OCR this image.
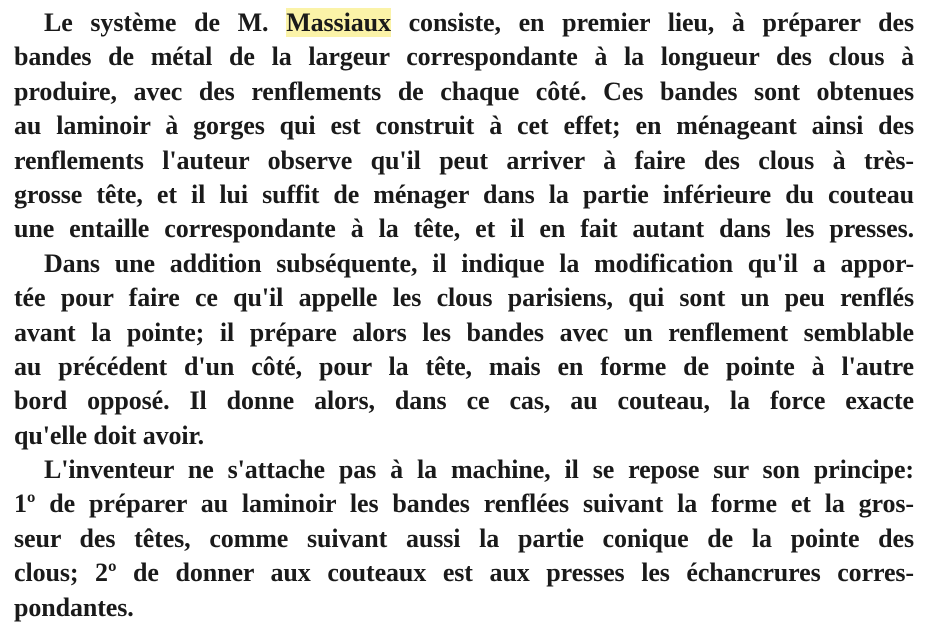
Le système de M. Massiaux consiste, en premier lieu, à préparer des
bandes de métal de la largeur correspondante à la longueur des clous à
produire, avec des renflements de chaque côté. Ces bandes sont obtenues
au laminoir à gorges qui est construit à cet effet; en ménageant ainsi des
renflements l'auteur observe qu'il peut arriver à faire des clous à très-
grosse tête, et il lui suffit de ménager dans la partie inférieure du couteau
une entaille correspondante à la tête, et il en fait autant dans les presses.
Dans une addition subséquente, il indique la modification qu'il a appor-
tée pour faire ce qu'il appelle les clous parisiens, qui sont un peu renflés
avant la pointe; il prépare alors les bandes avec un renflement semblable
au précédent d'un côté, pour la tête, mais en forme de pointe à l'autre
bord opposé. Il donne alors, dans ce cas, au couteau, la force exacte
qu'elle doit avoir.
L'inventeur ne s'attache pas à la machine, il se repose sur son principe:
1º de préparer au laminoir les bandes renflées suivant la forme et la gros-
seur des têtes, comme suivant aussi la partie conique de la pointe des
clous; 2º de donner aux couteaux est aux presses les échancrures corres-
pondantes.
